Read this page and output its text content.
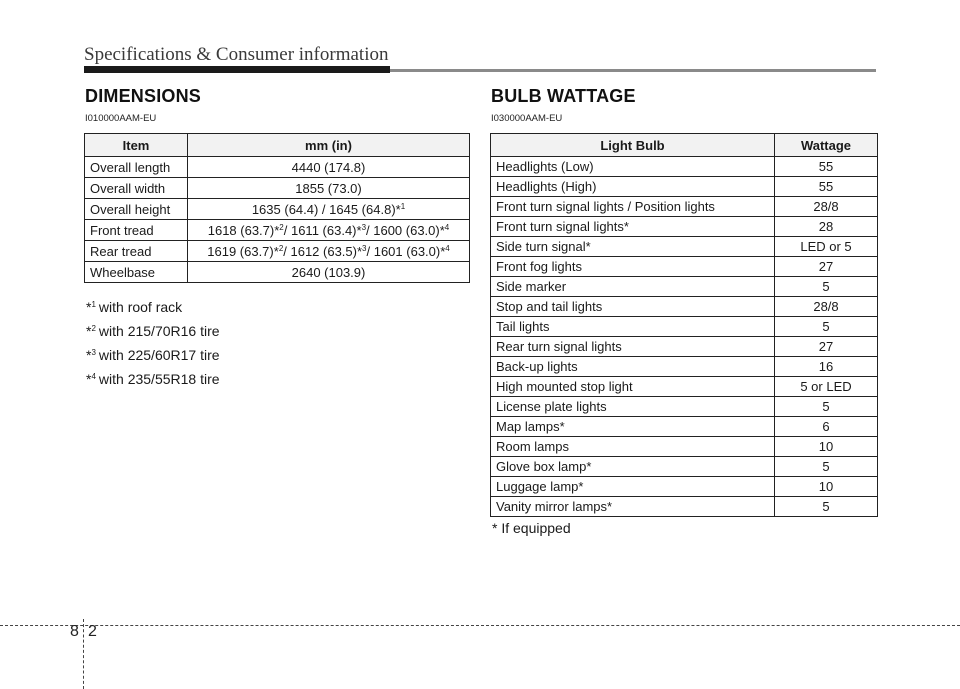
Specifications & Consumer information
DIMENSIONS
I010000AAM-EU
Item	mm (in)
Overall length	4440 (174.8)
Overall width	1855 (73.0)
Overall height	1635 (64.4) / 1645 (64.8)*$^1$
Front tread	1618 (63.7)*$^2$/ 1611 (63.4)*$^3$/ 1600 (63.0)*$^4$
Rear tread	1619 (63.7)*$^2$/ 1612 (63.5)*$^3$/ 1601 (63.0)*$^4$
Wheelbase	2640 (103.9)
*$^1$ with roof rack
*$^2$ with 215/70R16 tire
*$^3$ with 225/60R17 tire
*$^4$ with 235/55R18 tire
BULB WATTAGE
I030000AAM-EU
Light Bulb	Wattage
Headlights (Low)	55
Headlights (High)	55
Front turn signal lights / Position lights	28/8
Front turn signal lights*	28
Side turn signal*	LED or 5
Front fog lights	27
Side marker	5
Stop and tail lights	28/8
Tail lights	5
Rear turn signal lights	27
Back-up lights	16
High mounted stop light	5 or LED
License plate lights	5
Map lamps*	6
Room lamps	10
Glove box lamp*	5
Luggage lamp*	10
Vanity mirror lamps*	5
* If equipped
8 2
